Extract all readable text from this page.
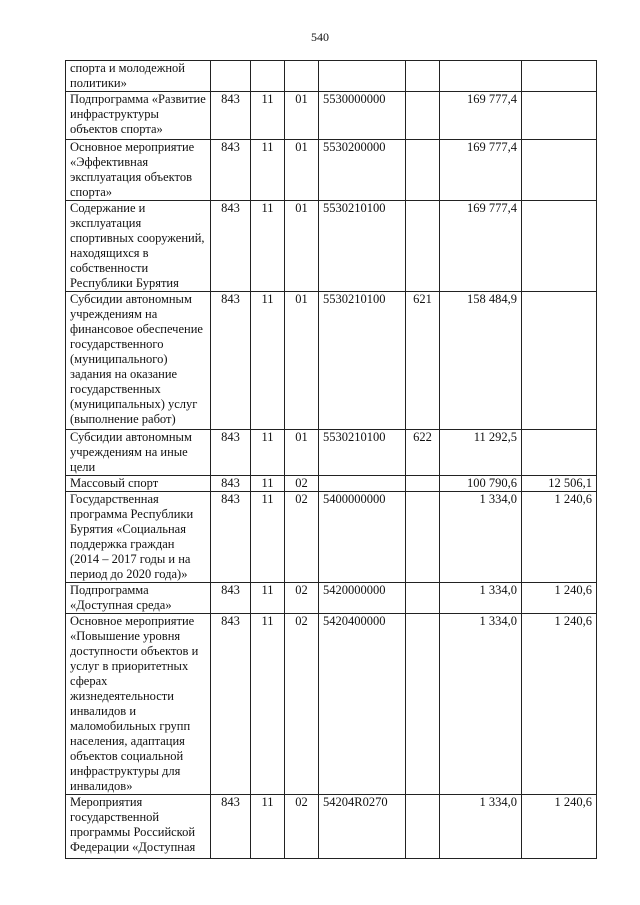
540
спорта и молодежной политики»							
Подпрограмма «Развитие инфраструктуры объектов спорта»	843	11	01	5530000000		169 777,4	
Основное мероприятие «Эффективная эксплуатация объектов спорта»	843	11	01	5530200000		169 777,4	
Содержание и эксплуатация спортивных сооружений, находящихся в собственности Республики Бурятия	843	11	01	5530210100		169 777,4	
Субсидии автономным учреждениям на финансовое обеспечение государственного (муниципального) задания на оказание государственных (муниципальных) услуг (выполнение работ)	843	11	01	5530210100	621	158 484,9	
Субсидии автономным учреждениям на иные цели	843	11	01	5530210100	622	11 292,5	
Массовый спорт	843	11	02			100 790,6	12 506,1
Государственная программа Республики Бурятия «Социальная поддержка граждан (2014 – 2017 годы и на период до 2020 года)»	843	11	02	5400000000		1 334,0	1 240,6
Подпрограмма «Доступная среда»	843	11	02	5420000000		1 334,0	1 240,6
Основное мероприятие «Повышение уровня доступности объектов и услуг в приоритетных сферах жизнедеятельности инвалидов и маломобильных групп населения, адаптация объектов социальной инфраструктуры для инвалидов»	843	11	02	5420400000		1 334,0	1 240,6
Мероприятия государственной программы Российской Федерации «Доступная	843	11	02	54204R0270		1 334,0	1 240,6
